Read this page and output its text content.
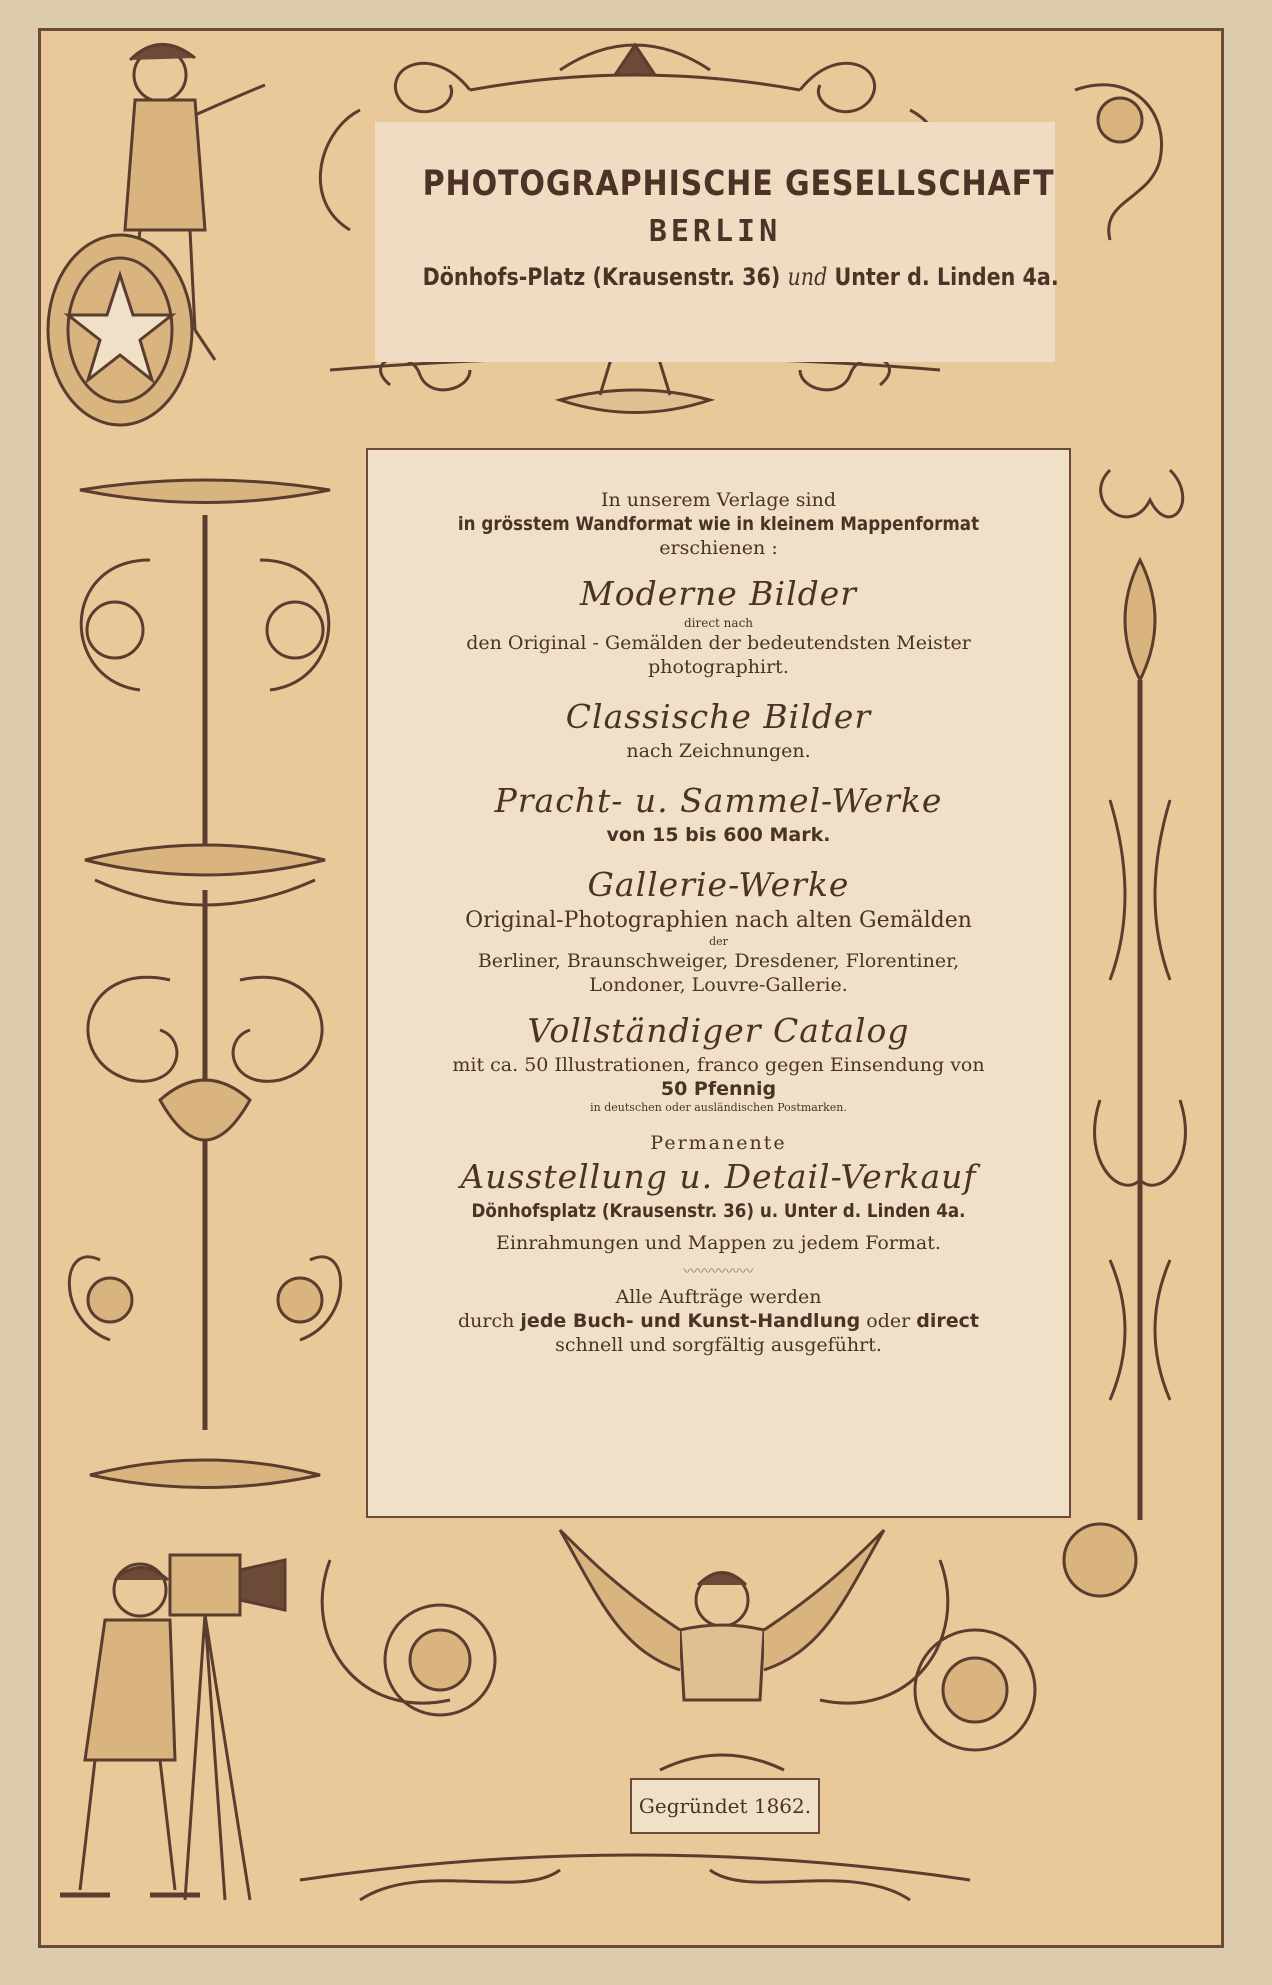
PHOTOGRAPHISCHE GESELLSCHAFT
BERLIN
Dönhofs-Platz (Krausenstr. 36) und Unter d. Linden 4a.
In unserem Verlage sind
in grösstem Wandformat wie in kleinem Mappenformat
erschienen :
Moderne Bilder
direct nach
den Original - Gemälden der bedeutendsten Meister
photographirt.
Classische Bilder
nach Zeichnungen.
Pracht- u. Sammel-Werke
von 15 bis 600 Mark.
Gallerie-Werke
Original-Photographien nach alten Gemälden
der
Berliner, Braunschweiger, Dresdener, Florentiner,
Londoner, Louvre-Gallerie.
Vollständiger Catalog
mit ca. 50 Illustrationen, franco gegen Einsendung von
50 Pfennig
in deutschen oder ausländischen Postmarken.
Permanente
Ausstellung u. Detail-Verkauf
Dönhofsplatz (Krausenstr. 36) u. Unter d. Linden 4a.
Einrahmungen und Mappen zu jedem Format.
〰〰〰〰〰
Alle Aufträge werden
durch jede Buch- und Kunst-Handlung oder direct
schnell und sorgfältig ausgeführt.
Gegründet 1862.
